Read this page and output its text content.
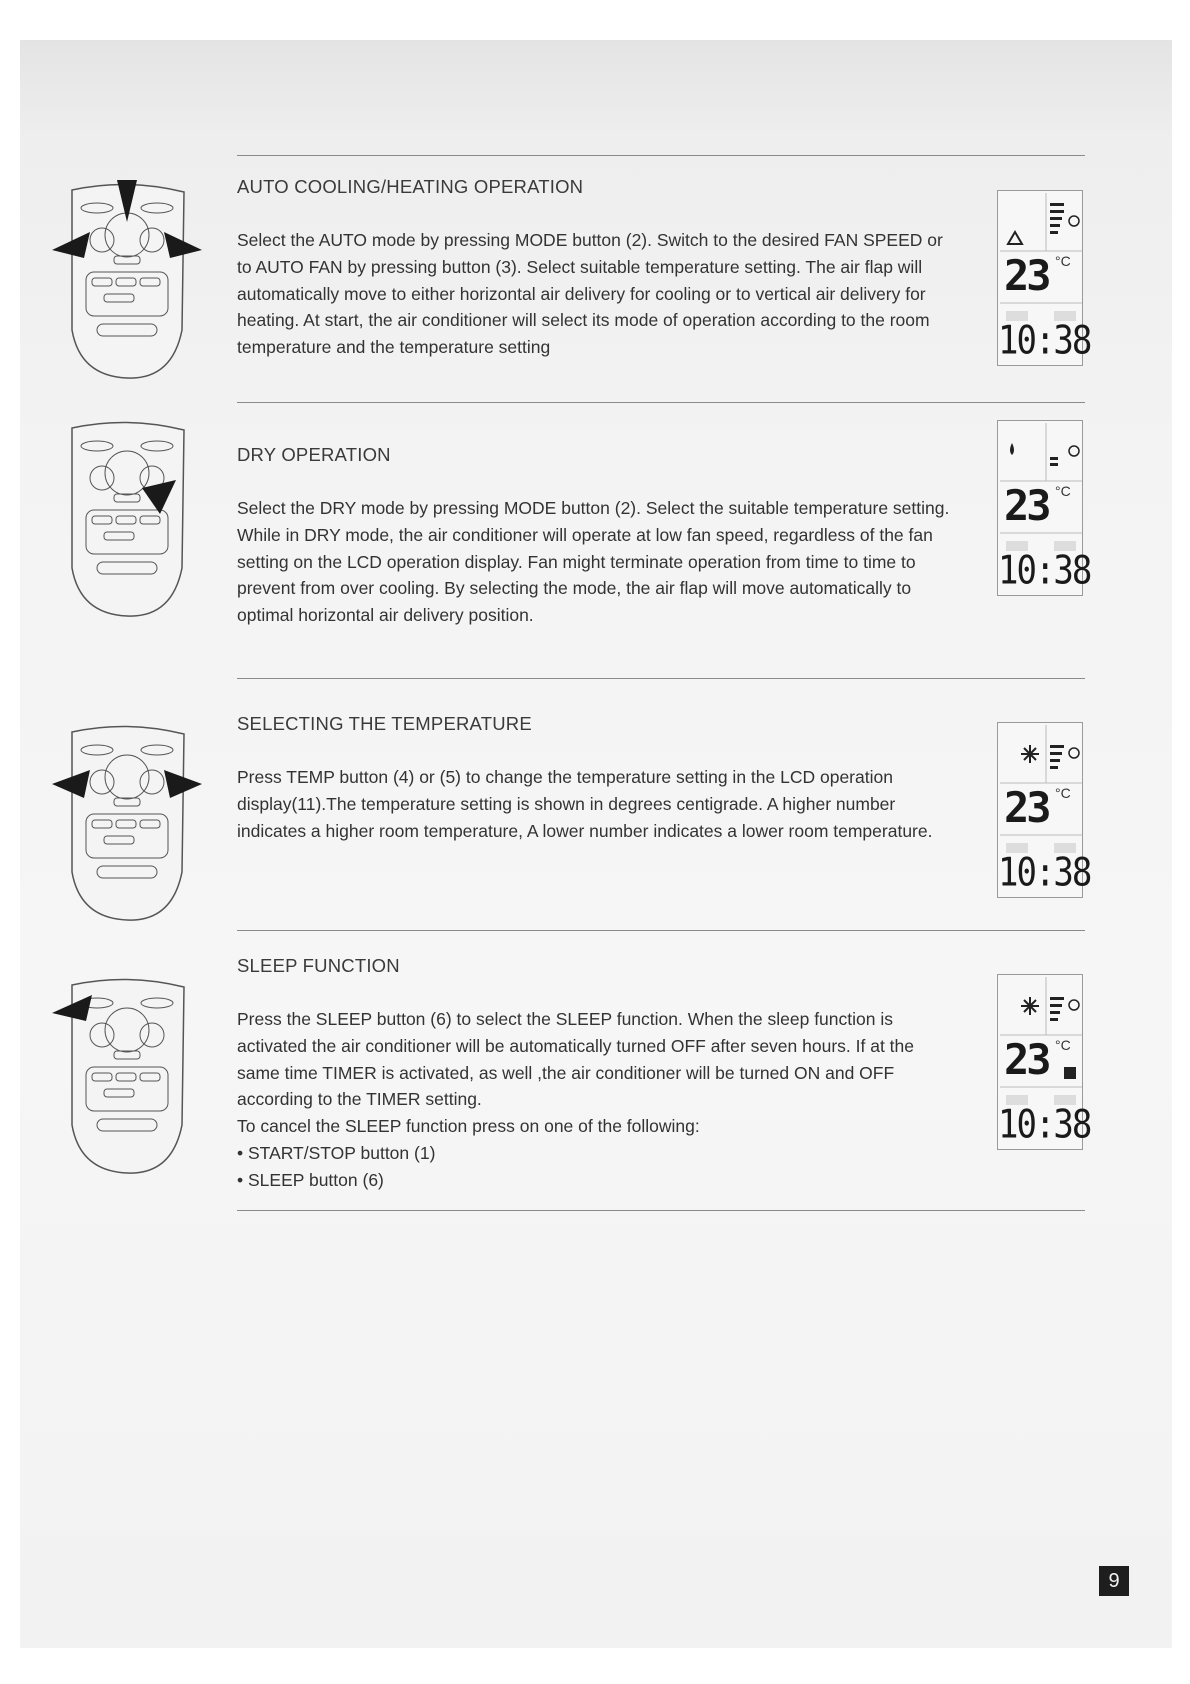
AUTO COOLING/HEATING OPERATION

Select the AUTO mode by pressing MODE button (2). Switch to the desired FAN SPEED or to AUTO FAN by pressing button (3). Select suitable temperature setting. The air flap will automatically move to either horizontal air delivery for cooling or to vertical air delivery for heating. At start, the air conditioner will select its mode of operation according to the room temperature and the temperature setting

23 °C
10:38
DRY OPERATION

Select the DRY mode by pressing MODE button (2). Select the suitable temperature setting. While in DRY mode, the air conditioner will operate at low fan speed, regardless of the fan setting on the LCD operation display. Fan might terminate operation from time to time to prevent from over cooling. By selecting the mode, the air flap will move automatically to optimal horizontal air delivery position.

23 °C
10:38
SELECTING THE TEMPERATURE

Press TEMP button (4) or (5) to change the temperature setting in the LCD operation display(11).The temperature setting is shown in degrees centigrade. A higher number indicates a higher room temperature, A lower number indicates a lower room temperature.	23 °C
10:38
SLEEP FUNCTION
Press the SLEEP button (6) to select the SLEEP function. When the sleep function is activated the air conditioner will be automatically turned OFF after seven hours. If at the same time TIMER is activated, as well ,the air conditioner will be turned ON and OFF according to the TIMER setting.
To cancel the SLEEP function press on one of the following:
• START/STOP button (1)
• SLEEP button (6)
23 °C
10:38
9
